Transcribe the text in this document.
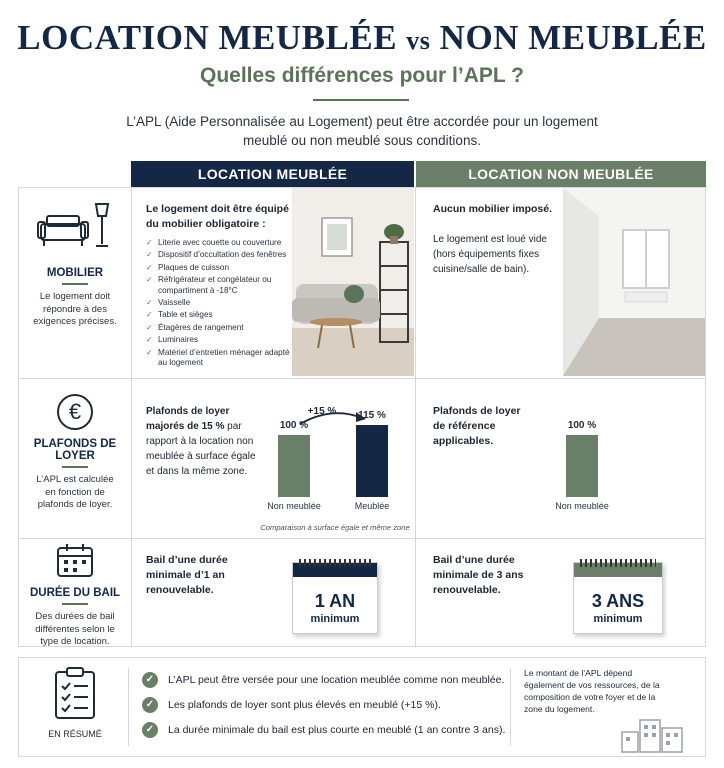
LOCATION MEUBLÉE vs NON MEUBLÉE
Quelles différences pour l’APL ?
L’APL (Aide Personnalisée au Logement) peut être accordée pour un logement meublé ou non meublé sous conditions.
LOCATION MEUBLÉE	LOCATION NON MEUBLÉE
MOBILIER
Le logement doit répondre à des exigences précises.
Le logement doit être équipé du mobilier obligatoire :
✓ Literie avec couette ou couverture
✓ Dispositif d’occultation des fenêtres
✓ Plaques de cuisson
✓ Réfrigérateur et congélateur ou compartiment à -18°C
✓ Vaisselle
✓ Table et sièges
✓ Étagères de rangement
✓ Luminaires
✓ Matériel d’entretien ménager adapté au logement
Aucun mobilier imposé.
Le logement est loué vide (hors équipements fixes cuisine/salle de bain).
€
PLAFONDS DE LOYER
L’APL est calculée en fonction de plafonds de loyer.
Plafonds de loyer majorés de 15 % par rapport à la location non meublée à surface égale et dans la même zone.
+15 %
100 %
Non meublée
115 %
Meublée
Comparaison à surface égale et même zone
Plafonds de loyer de référence applicables.
100 %
Non meublée
DURÉE DU BAIL
Des durées de bail différentes selon le type de location.
Bail d’une durée minimale d’1 an renouvelable.
1 AN
minimum
Bail d’une durée minimale de 3 ans renouvelable.
3 ANS
minimum
EN RÉSUMÉ
✓	L’APL peut être versée pour une location meublée comme non meublée.
✓	Les plafonds de loyer sont plus élevés en meublé (+15 %).
✓	La durée minimale du bail est plus courte en meublé (1 an contre 3 ans).
Le montant de l’APL dépend également de vos ressources, de la composition de votre foyer et de la zone du logement.
